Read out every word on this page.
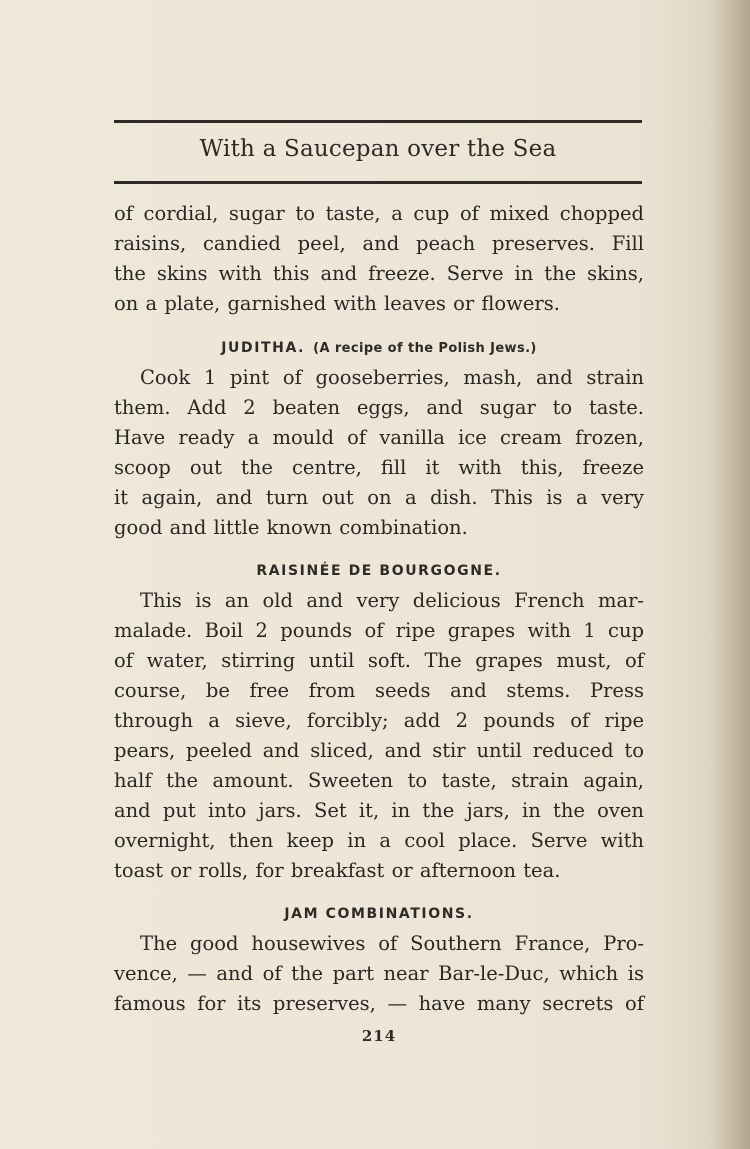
With a Saucepan over the Sea
of cordial, sugar to taste, a cup of mixed chopped
raisins, candied peel, and peach preserves. Fill
the skins with this and freeze. Serve in the skins,
on a plate, garnished with leaves or flowers.
JUDITHA. (A recipe of the Polish Jews.)
Cook 1 pint of gooseberries, mash, and strain
them. Add 2 beaten eggs, and sugar to taste.
Have ready a mould of vanilla ice cream frozen,
scoop out the centre, fill it with this, freeze
it again, and turn out on a dish. This is a very
good and little known combination.
RAISINÉE DE BOURGOGNE.
This is an old and very delicious French mar-
malade. Boil 2 pounds of ripe grapes with 1 cup
of water, stirring until soft. The grapes must, of
course, be free from seeds and stems. Press
through a sieve, forcibly; add 2 pounds of ripe
pears, peeled and sliced, and stir until reduced to
half the amount. Sweeten to taste, strain again,
and put into jars. Set it, in the jars, in the oven
overnight, then keep in a cool place. Serve with
toast or rolls, for breakfast or afternoon tea.
JAM COMBINATIONS.
The good housewives of Southern France, Pro-
vence, — and of the part near Bar-le-Duc, which is
famous for its preserves, — have many secrets of
214
